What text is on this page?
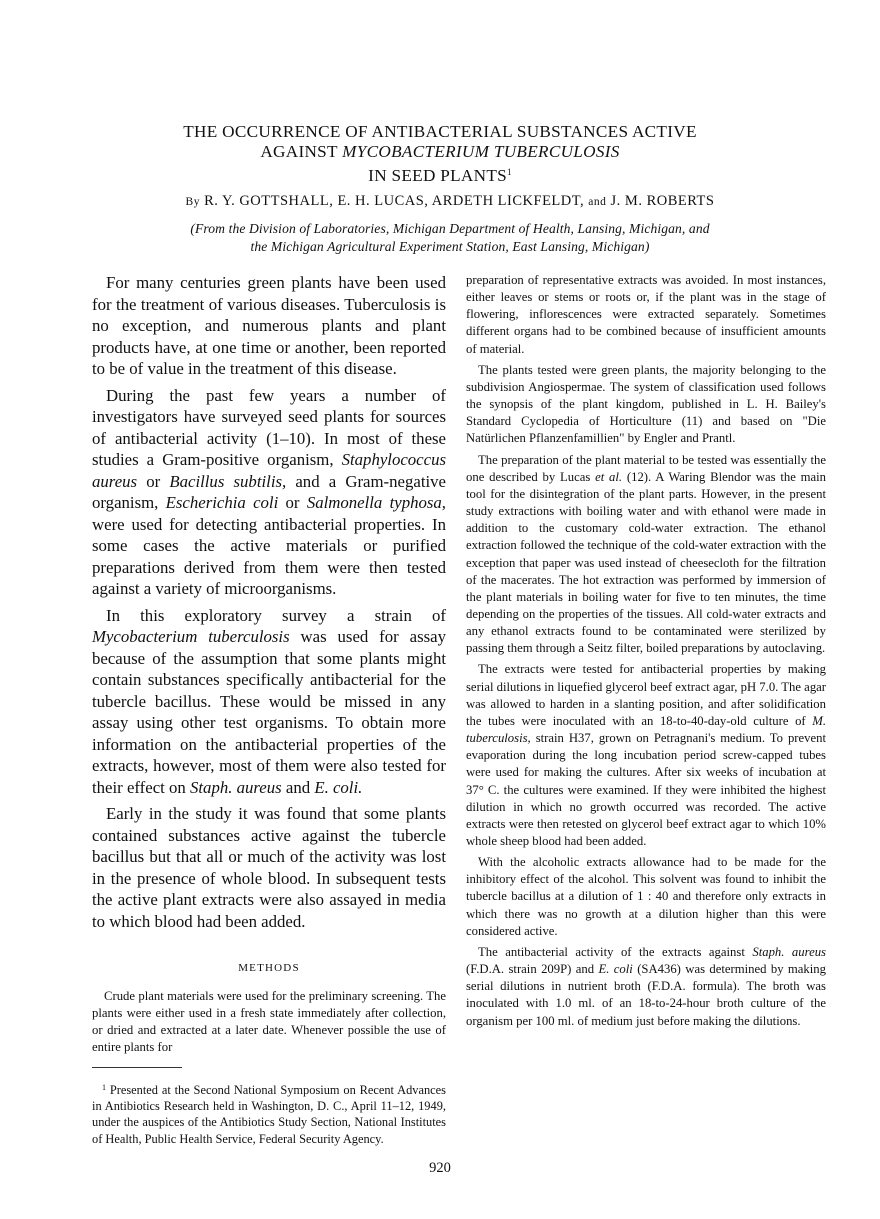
THE OCCURRENCE OF ANTIBACTERIAL SUBSTANCES ACTIVE
AGAINST MYCOBACTERIUM TUBERCULOSIS
IN SEED PLANTS$^1$
By R. Y. GOTTSHALL, E. H. LUCAS, ARDETH LICKFELDT, and J. M. ROBERTS
(From the Division of Laboratories, Michigan Department of Health, Lansing, Michigan, and
the Michigan Agricultural Experiment Station, East Lansing, Michigan)

For many centuries green plants have been used for the treatment of various diseases. Tuberculosis is no exception, and numerous plants and plant products have, at one time or another, been reported to be of value in the treatment of this disease.

During the past few years a number of investigators have surveyed seed plants for sources of antibacterial activity (1–10). In most of these studies a Gram-positive organism, Staphylococcus aureus or Bacillus subtilis, and a Gram-negative organism, Escherichia coli or Salmonella typhosa, were used for detecting antibacterial properties. In some cases the active materials or purified preparations derived from them were then tested against a variety of microorganisms.

In this exploratory survey a strain of Mycobacterium tuberculosis was used for assay because of the assumption that some plants might contain substances specifically antibacterial for the tubercle bacillus. These would be missed in any assay using other test organisms. To obtain more information on the antibacterial properties of the extracts, however, most of them were also tested for their effect on Staph. aureus and E. coli.

Early in the study it was found that some plants contained substances active against the tubercle bacillus but that all or much of the activity was lost in the presence of whole blood. In subsequent tests the active plant extracts were also assayed in media to which blood had been added.

METHODS

Crude plant materials were used for the preliminary screening. The plants were either used in a fresh state immediately after collection, or dried and extracted at a later date. Whenever possible the use of entire plants for

$^1$ Presented at the Second National Symposium on Recent Advances in Antibiotics Research held in Washington, D. C., April 11–12, 1949, under the auspices of the Antibiotics Study Section, National Institutes of Health, Public Health Service, Federal Security Agency.

preparation of representative extracts was avoided. In most instances, either leaves or stems or roots or, if the plant was in the stage of flowering, inflorescences were extracted separately. Sometimes different organs had to be combined because of insufficient amounts of material.

The plants tested were green plants, the majority belonging to the subdivision Angiospermae. The system of classification used follows the synopsis of the plant kingdom, published in L. H. Bailey's Standard Cyclopedia of Horticulture (11) and based on "Die Natürlichen Pflanzenfamillien" by Engler and Prantl.

The preparation of the plant material to be tested was essentially the one described by Lucas et al. (12). A Waring Blendor was the main tool for the disintegration of the plant parts. However, in the present study extractions with boiling water and with ethanol were made in addition to the customary cold-water extraction. The ethanol extraction followed the technique of the cold-water extraction with the exception that paper was used instead of cheesecloth for the filtration of the macerates. The hot extraction was performed by immersion of the plant materials in boiling water for five to ten minutes, the time depending on the properties of the tissues. All cold-water extracts and any ethanol extracts found to be contaminated were sterilized by passing them through a Seitz filter, boiled preparations by autoclaving.

The extracts were tested for antibacterial properties by making serial dilutions in liquefied glycerol beef extract agar, pH 7.0. The agar was allowed to harden in a slanting position, and after solidification the tubes were inoculated with an 18-to-40-day-old culture of M. tuberculosis, strain H37, grown on Petragnani's medium. To prevent evaporation during the long incubation period screw-capped tubes were used for making the cultures. After six weeks of incubation at 37° C. the cultures were examined. If they were inhibited the highest dilution in which no growth occurred was recorded. The active extracts were then retested on glycerol beef extract agar to which 10% whole sheep blood had been added.

With the alcoholic extracts allowance had to be made for the inhibitory effect of the alcohol. This solvent was found to inhibit the tubercle bacillus at a dilution of 1 : 40 and therefore only extracts in which there was no growth at a dilution higher than this were considered active.

The antibacterial activity of the extracts against Staph. aureus (F.D.A. strain 209P) and E. coli (SA436) was determined by making serial dilutions in nutrient broth (F.D.A. formula). The broth was inoculated with 1.0 ml. of an 18-to-24-hour broth culture of the organism per 100 ml. of medium just before making the dilutions.

920
